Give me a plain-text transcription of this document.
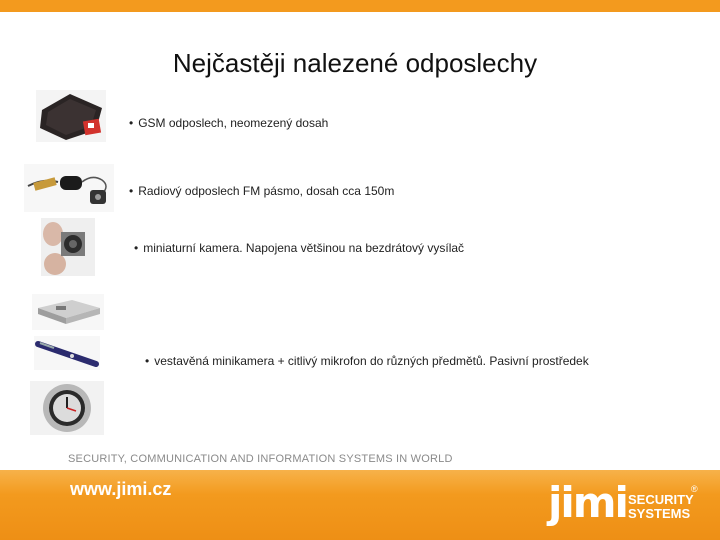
Nejčastěji nalezené odposlechy
• GSM odposlech, neomezený dosah
• Radiový odposlech FM pásmo, dosah cca 150m
• miniaturní kamera. Napojena většinou na bezdrátový vysílač
• vestavěná minikamera + citlivý mikrofon do různých předmětů. Pasivní prostředek
SECURITY, COMMUNICATION AND INFORMATION SYSTEMS IN WORLD
www.jimi.cz	jimi SECURITY
SYSTEMS
®
